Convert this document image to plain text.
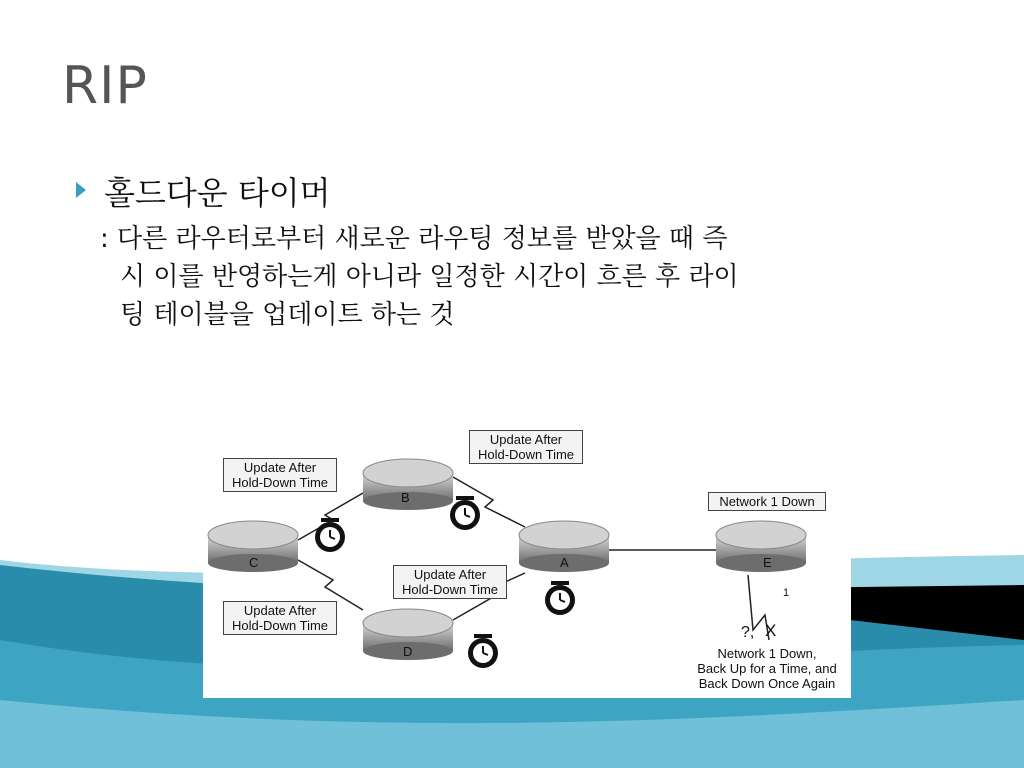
RIP
홀드다운 타이머
: 다른 라우터로부터 새로운 라우팅 정보를 받았을 때 즉
시 이를 반영하는게 아니라 일정한 시간이 흐른 후 라이
팅 테이블을 업데이트 하는 것
B
C	A
D
E
Update After
Hold-Down Time
Update After
Hold-Down Time
Update After
Hold-Down Time
Update After
Hold-Down Time
Network 1 Down
1
?, X
Network 1 Down,
Back Up for a Time, and
Back Down Once Again
